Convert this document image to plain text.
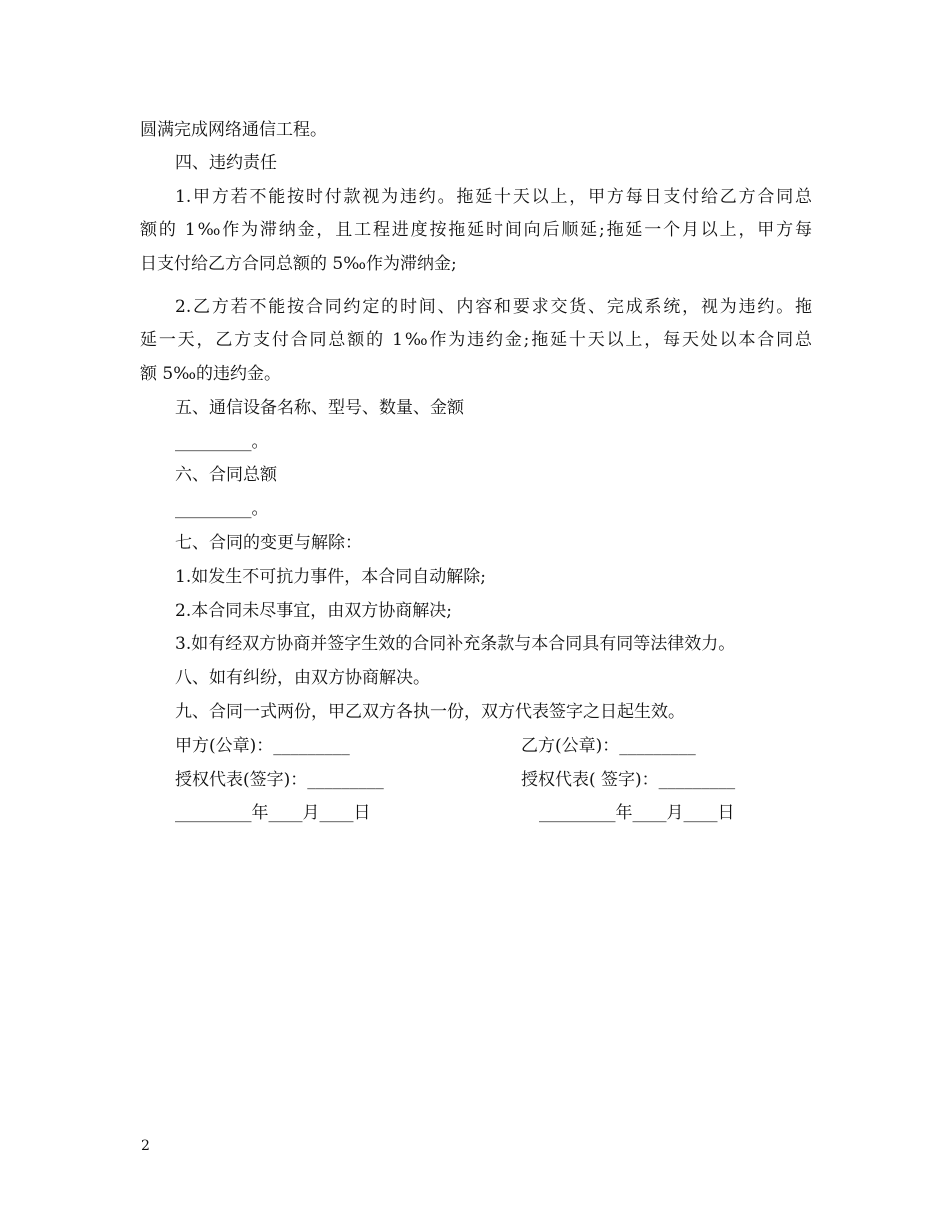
圆满完成网络通信工程。
四、违约责任
1.甲方若不能按时付款视为违约。拖延十天以上，甲方每日支付给乙方合同总
额的 1‰作为滞纳金，且工程进度按拖延时间向后顺延;拖延一个月以上，甲方每
日支付给乙方合同总额的 5‰作为滞纳金;
2.乙方若不能按合同约定的时间、内容和要求交货、完成系统，视为违约。拖
延一天，乙方支付合同总额的 1‰作为违约金;拖延十天以上，每天处以本合同总
额 5‰的违约金。
五、通信设备名称、型号、数量、金额
_________。
六、合同总额
_________。
七、合同的变更与解除：
1.如发生不可抗力事件，本合同自动解除;
2.本合同未尽事宜，由双方协商解决;
3.如有经双方协商并签字生效的合同补充条款与本合同具有同等法律效力。
八、如有纠纷，由双方协商解决。
九、合同一式两份，甲乙双方各执一份，双方代表签字之日起生效。
甲方(公章)：_________	乙方(公章)：_________
授权代表(签字)：_________	授权代表( 签字)：_________
_________年____月____日	_________年____月____日
2
